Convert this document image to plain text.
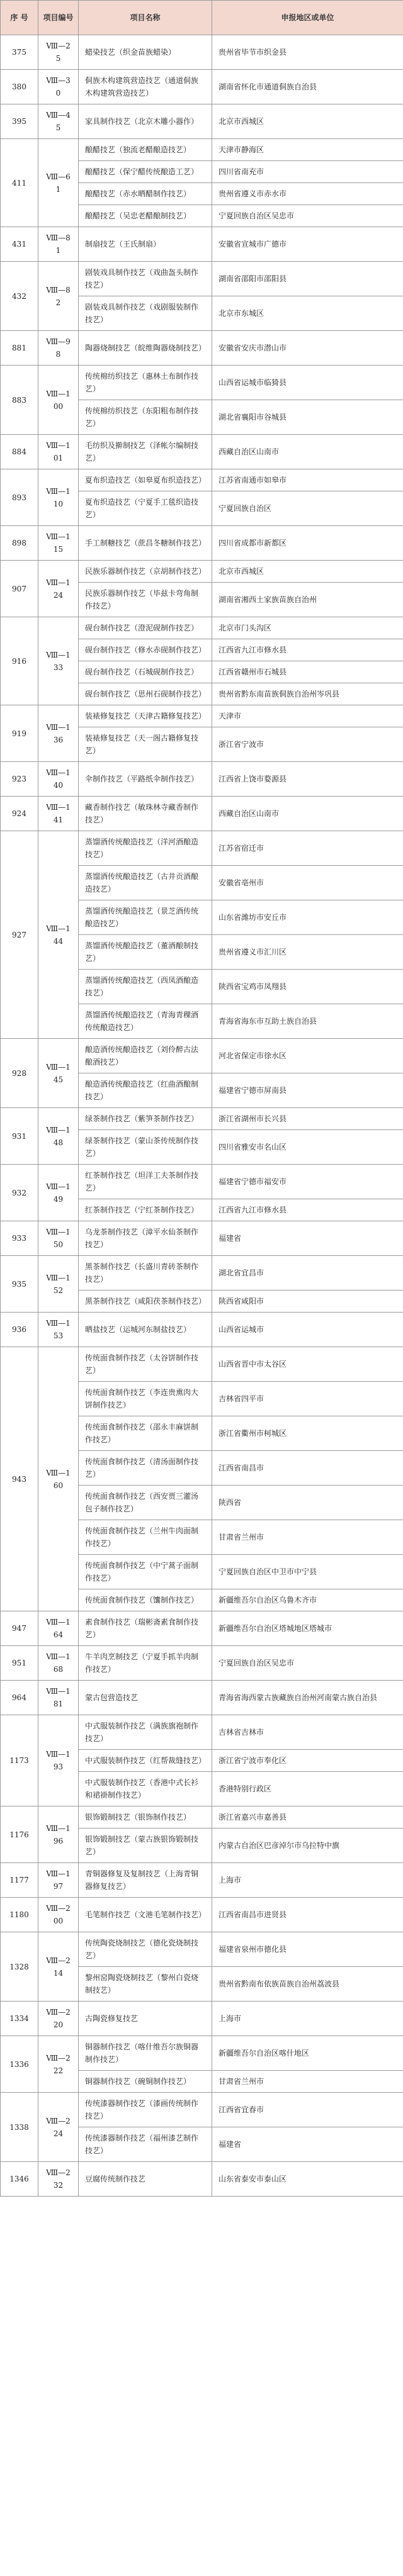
序 号	项目编号	项目名称	申报地区或单位
375	Ⅷ—25	蜡染技艺（织金苗族蜡染）	贵州省毕节市织金县
380	Ⅷ—30	侗族木构建筑营造技艺（通道侗族木构建筑营造技艺）	湖南省怀化市通道侗族自治县
395	Ⅷ—45	家具制作技艺（北京木雕小器作）	北京市西城区
411	Ⅷ—61	酿醋技艺（独流老醋酿造技艺）	天津市静海区
		酿醋技艺（保宁醋传统酿造工艺）	四川省南充市
		酿醋技艺（赤水晒醋制作技艺）	贵州省遵义市赤水市
		酿醋技艺（吴忠老醋酿制技艺）	宁夏回族自治区吴忠市
431	Ⅷ—81	制扇技艺（王氏制扇）	安徽省宣城市广德市
432	Ⅷ—82	剧装戏具制作技艺（戏曲盔头制作技艺）	湖南省邵阳市邵阳县
		剧装戏具制作技艺（戏剧服装制作技艺）	北京市东城区
881	Ⅷ—98	陶器烧制技艺（皖维陶器烧制技艺）	安徽省安庆市潜山市
883	Ⅷ—100	传统棉纺织技艺（惠林土布制作技艺）	山西省运城市临猗县
		传统棉纺织技艺（东阳粗布制作技艺）	湖北省襄阳市谷城县
884	Ⅷ—101	毛纺织及擀制技艺（泽帐尔编制技艺）	西藏自治区山南市
893	Ⅷ—110	夏布织造技艺（如皋夏布织造技艺）	江苏省南通市如皋市
		夏布织造技艺（宁夏手工毯织造技艺）	宁夏回族自治区
898	Ⅷ—115	手工制糖技艺（蔗昌冬糖制作技艺）	四川省成都市新都区
907	Ⅷ—124	民族乐器制作技艺（京胡制作技艺）	北京市西城区
		民族乐器制作技艺（毕兹卡弯角制作技艺）	湖南省湘西土家族苗族自治州
916	Ⅷ—133	砚台制作技艺（澄泥砚制作技艺）	北京市门头沟区
		砚台制作技艺（修水赤砚制作技艺）	江西省九江市修水县
		砚台制作技艺（石城砚制作技艺）	江西省赣州市石城县
		砚台制作技艺（思州石砚制作技艺）	贵州省黔东南苗族侗族自治州岑巩县
919	Ⅷ—136	装裱修复技艺（天津古籍修复技艺）	天津市
		装裱修复技艺（天一阁古籍修复技艺）	浙江省宁波市
923	Ⅷ—140	伞制作技艺（平路纸伞制作技艺）	江西省上饶市婺源县
924	Ⅷ—141	藏香制作技艺（敏珠林寺藏香制作技艺）	西藏自治区山南市
927	Ⅷ—144	蒸馏酒传统酿造技艺（洋河酒酿造技艺）	江苏省宿迁市
		蒸馏酒传统酿造技艺（古井贡酒酿造技艺）	安徽省亳州市
		蒸馏酒传统酿造技艺（景芝酒传统酿造技艺）	山东省潍坊市安丘市
		蒸馏酒传统酿造技艺（董酒酿制技艺）	贵州省遵义市汇川区
		蒸馏酒传统酿造技艺（西凤酒酿造技艺）	陕西省宝鸡市凤翔县
		蒸馏酒传统酿造技艺（青海青稞酒传统酿造技艺）	青海省海东市互助土族自治县
928	Ⅷ—145	酿造酒传统酿造技艺（刘伶醉古法酿酒技艺）	河北省保定市徐水区
		酿造酒传统酿造技艺（红曲酒酿制技艺）	福建省宁德市屏南县
931	Ⅷ—148	绿茶制作技艺（紫笋茶制作技艺）	浙江省湖州市长兴县
		绿茶制作技艺（蒙山茶传统制作技艺）	四川省雅安市名山区
932	Ⅷ—149	红茶制作技艺（坦洋工夫茶制作技艺）	福建省宁德市福安市
		红茶制作技艺（宁红茶制作技艺）	江西省九江市修水县
933	Ⅷ—150	乌龙茶制作技艺（漳平水仙茶制作技艺）	福建省
935	Ⅷ—152	黑茶制作技艺（长盛川青砖茶制作技艺）	湖北省宜昌市
		黑茶制作技艺（咸阳茯茶制作技艺）	陕西省咸阳市
936	Ⅷ—153	晒盐技艺（运城河东制盐技艺）	山西省运城市
943	Ⅷ—160	传统面食制作技艺（太谷饼制作技艺）	山西省晋中市太谷区
		传统面食制作技艺（李连贵熏肉大饼制作技艺）	吉林省四平市
		传统面食制作技艺（邵永丰麻饼制作技艺）	浙江省衢州市柯城区
		传统面食制作技艺（清汤面制作技艺）	江西省南昌市
		传统面食制作技艺（西安贾三灌汤包子制作技艺）	陕西省
		传统面食制作技艺（兰州牛肉面制作技艺）	甘肃省兰州市
		传统面食制作技艺（中宁蒿子面制作技艺）	宁夏回族自治区中卫市中宁县
		传统面食制作技艺（馕制作技艺）	新疆维吾尔自治区乌鲁木齐市
947	Ⅷ—164	素食制作技艺（瑞彬斋素食制作技艺）	新疆维吾尔自治区塔城地区塔城市
951	Ⅷ—168	牛羊肉烹制技艺（宁夏手抓羊肉制作技艺）	宁夏回族自治区吴忠市
964	Ⅷ—181	蒙古包营造技艺	青海省海西蒙古族藏族自治州河南蒙古族自治县
1173	Ⅷ—193	中式服装制作技艺（满族旗袍制作技艺）	吉林省吉林市
		中式服装制作技艺（红帮裁缝技艺）	浙江省宁波市奉化区
		中式服装制作技艺（香港中式长衫和裙褂制作技艺）	香港特别行政区
1176	Ⅷ—196	银饰锻制技艺（银饰制作技艺）	浙江省嘉兴市嘉善县
		银饰锻制技艺（蒙古族银饰锻制技艺）	内蒙古自治区巴彦淖尔市乌拉特中旗
1177	Ⅷ—197	青铜器修复及复制技艺（上海青铜器修复技艺）	上海市
1180	Ⅷ—200	毛笔制作技艺（文港毛笔制作技艺）	江西省南昌市进贤县
1328	Ⅷ—214	传统陶瓷烧制技艺（德化瓷烧制技艺）	福建省泉州市德化县
		黎州窑陶瓷烧制技艺（黎州白瓷烧制技艺）	贵州省黔南布依族苗族自治州荔波县
1334	Ⅷ—220	古陶瓷修复技艺	上海市
1336	Ⅷ—222	铜器制作技艺（喀什维吾尔族铜器制作技艺）	新疆维吾尔自治区喀什地区
		铜器制作技艺（碗铜制作技艺）	甘肃省兰州市
1338	Ⅷ—224	传统漆器制作技艺（漆画传统制作技艺）	江西省宜春市
		传统漆器制作技艺（福州漆艺制作技艺）	福建省
1346	Ⅷ—232	豆腐传统制作技艺	山东省泰安市泰山区
